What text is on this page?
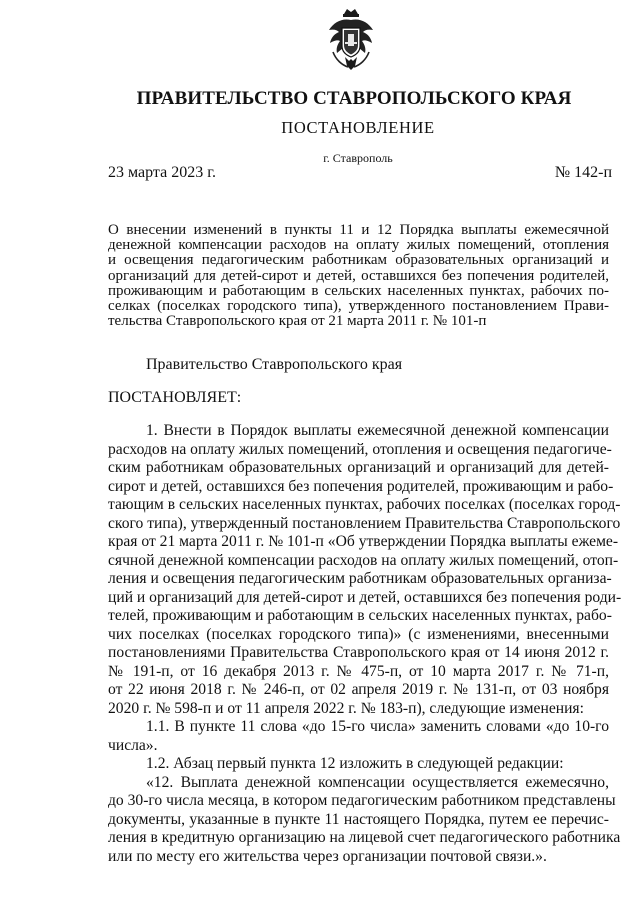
ПРАВИТЕЛЬСТВО СТАВРОПОЛЬСКОГО КРАЯ
ПОСТАНОВЛЕНИЕ
г. Ставрополь
23 марта 2023 г.	№ 142-п
О внесении изменений в пункты 11 и 12 Порядка выплаты ежемесячной
денежной компенсации расходов на оплату жилых помещений, отопления
и освещения педагогическим работникам образовательных организаций и
организаций для детей-сирот и детей, оставшихся без попечения родителей,
проживающим и работающим в сельских населенных пунктах, рабочих по-
селках (поселках городского типа), утвержденного постановлением Прави-
тельства Ставропольского края от 21 марта 2011 г. № 101-п
Правительство Ставропольского края
ПОСТАНОВЛЯЕТ:
1. Внести в Порядок выплаты ежемесячной денежной компенсации
расходов на оплату жилых помещений, отопления и освещения педагогиче-
ским работникам образовательных организаций и организаций для детей-
сирот и детей, оставшихся без попечения родителей, проживающим и рабо-
тающим в сельских населенных пунктах, рабочих поселках (поселках город-
ского типа), утвержденный постановлением Правительства Ставропольского
края от 21 марта 2011 г. № 101-п «Об утверждении Порядка выплаты ежеме-
сячной денежной компенсации расходов на оплату жилых помещений, отоп-
ления и освещения педагогическим работникам образовательных организа-
ций и организаций для детей-сирот и детей, оставшихся без попечения роди-
телей, проживающим и работающим в сельских населенных пунктах, рабо-
чих поселках (поселках городского типа)» (с изменениями, внесенными
постановлениями Правительства Ставропольского края от 14 июня 2012 г.
№ 191-п, от 16 декабря 2013 г. № 475-п, от 10 марта 2017 г. № 71-п,
от 22 июня 2018 г. № 246-п, от 02 апреля 2019 г. № 131-п, от 03 ноября
2020 г. № 598-п и от 11 апреля 2022 г. № 183-п), следующие изменения:
1.1. В пункте 11 слова «до 15-го числа» заменить словами «до 10-го
числа».
1.2. Абзац первый пункта 12 изложить в следующей редакции:
«12. Выплата денежной компенсации осуществляется ежемесячно,
до 30-го числа месяца, в котором педагогическим работником представлены
документы, указанные в пункте 11 настоящего Порядка, путем ее перечис-
ления в кредитную организацию на лицевой счет педагогического работника
или по месту его жительства через организации почтовой связи.».
